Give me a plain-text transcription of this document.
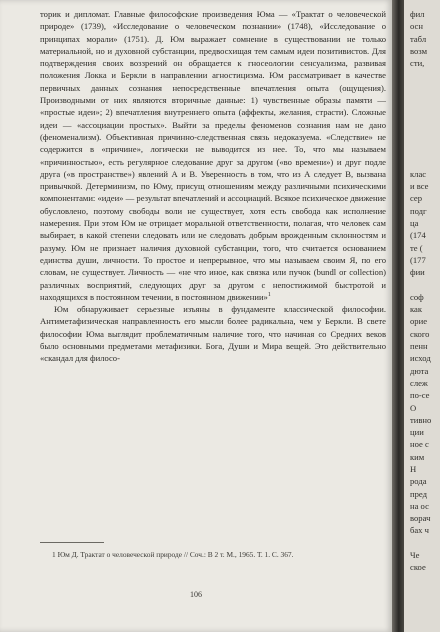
торик и дипломат. Главные философские произведения Юма — «Трактат о человеческой природе» (1739), «Исследование о человеческом познании» (1748), «Исследование о принципах морали» (1751). Д. Юм выражает сомнение в существовании не только материальной, но и духовной субстанции, предвосхищая тем самым идеи позитивистов. Для подтверждения своих воззрений он обращается к гносеологии сенсуализма, развивая положения Локка и Беркли в направлении агностицизма. Юм рассматривает в качестве первичных данных сознания непосредственные впечатления опыта (ощущения). Производными от них являются вторичные данные: 1) чувственные образы памяти — «простые идеи»; 2) впечатления внутреннего опыта (аффекты, желания, страсти). Сложные идеи — «ассоциации простых». Выйти за пределы феноменов сознания нам не дано (феноменализм). Объективная причинно-следственная связь недоказуема. «Следствие» не содержится в «причине», логически не выводится из нее. То, что мы называем «причинностью», есть регулярное следование друг за другом («во времени») и друг подле друга («в пространстве») явлений А и В. Уверенность в том, что из А следует В, вызвана привычкой. Детерминизм, по Юму, присущ отношениям между различными психическими компонентами: «идеи» — результат впечатлений и ассоциаций. Всякое психическое движение обусловлено, поэтому свободы воли не существует, хотя есть свобода как исполнение намерения. При этом Юм не отрицает моральной ответственности, полагая, что человек сам выбирает, в какой степени следовать или не следовать добрым врожденным склонностям и разуму. Юм не признает наличия духовной субстанции, того, что считается основанием единства души, личности. То простое и непрерывное, что мы называем своим Я, по его словам, не существует. Личность — «не что иное, как связка или пучок (bundl or collection) различных восприятий, следующих друг за другом с непостижимой быстротой и находящихся в постоянном течении, в постоянном движении»$^1$

Юм обнаруживает серьезные изъяны в фундаменте классической философии. Антиметафизическая направленность его мысли более радикальна, чем у Беркли. В свете философии Юма выглядит проблематичным наличие того, что начиная со Средних веков было основными предметами метафизики. Бога, Души и Мира вещей. Это действительно «скандал для филосо-

1 Юм Д. Трактат о человеческой природе // Соч.: В 2 т. М., 1965. Т. 1. С. 367.

106
фил
осн
табл
возм
сти,
клас
и все
сер
подг
ца
(174
те (
(177
фии
соф
как
орие
ского
пенн
исход
дюта
слеж
по-се
О
тивно
ции
ное с
ким
Н
рода
пред
на ос
ворач
бах ч
Че
ское
